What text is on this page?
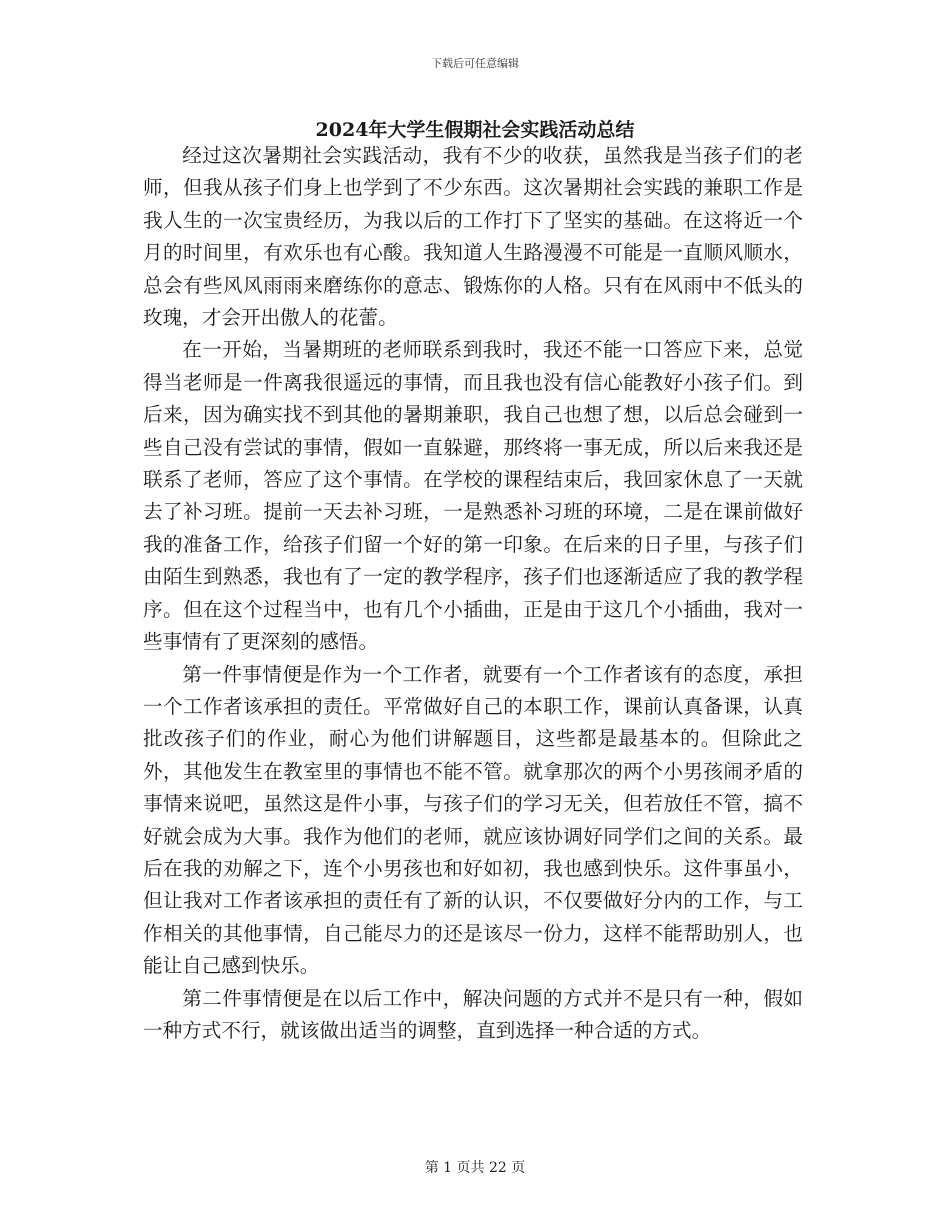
下载后可任意编辑
2024年大学生假期社会实践活动总结

经过这次暑期社会实践活动，我有不少的收获，虽然我是当孩子们的老师，但我从孩子们身上也学到了不少东西。这次暑期社会实践的兼职工作是我人生的一次宝贵经历，为我以后的工作打下了坚实的基础。在这将近一个月的时间里，有欢乐也有心酸。我知道人生路漫漫不可能是一直顺风顺水，总会有些风风雨雨来磨练你的意志、锻炼你的人格。只有在风雨中不低头的玫瑰，才会开出傲人的花蕾。

在一开始，当暑期班的老师联系到我时，我还不能一口答应下来，总觉得当老师是一件离我很遥远的事情，而且我也没有信心能教好小孩子们。到后来，因为确实找不到其他的暑期兼职，我自己也想了想，以后总会碰到一些自己没有尝试的事情，假如一直躲避，那终将一事无成，所以后来我还是联系了老师，答应了这个事情。在学校的课程结束后，我回家休息了一天就去了补习班。提前一天去补习班，一是熟悉补习班的环境，二是在课前做好我的准备工作，给孩子们留一个好的第一印象。在后来的日子里，与孩子们由陌生到熟悉，我也有了一定的教学程序，孩子们也逐渐适应了我的教学程序。但在这个过程当中，也有几个小插曲，正是由于这几个小插曲，我对一些事情有了更深刻的感悟。

第一件事情便是作为一个工作者，就要有一个工作者该有的态度，承担一个工作者该承担的责任。平常做好自己的本职工作，课前认真备课，认真批改孩子们的作业，耐心为他们讲解题目，这些都是最基本的。但除此之外，其他发生在教室里的事情也不能不管。就拿那次的两个小男孩闹矛盾的事情来说吧，虽然这是件小事，与孩子们的学习无关，但若放任不管，搞不好就会成为大事。我作为他们的老师，就应该协调好同学们之间的关系。最后在我的劝解之下，连个小男孩也和好如初，我也感到快乐。这件事虽小，但让我对工作者该承担的责任有了新的认识，不仅要做好分内的工作，与工作相关的其他事情，自己能尽力的还是该尽一份力，这样不能帮助别人，也能让自己感到快乐。

第二件事情便是在以后工作中，解决问题的方式并不是只有一种，假如一种方式不行，就该做出适当的调整，直到选择一种合适的方式。

第 1 页共 22 页
